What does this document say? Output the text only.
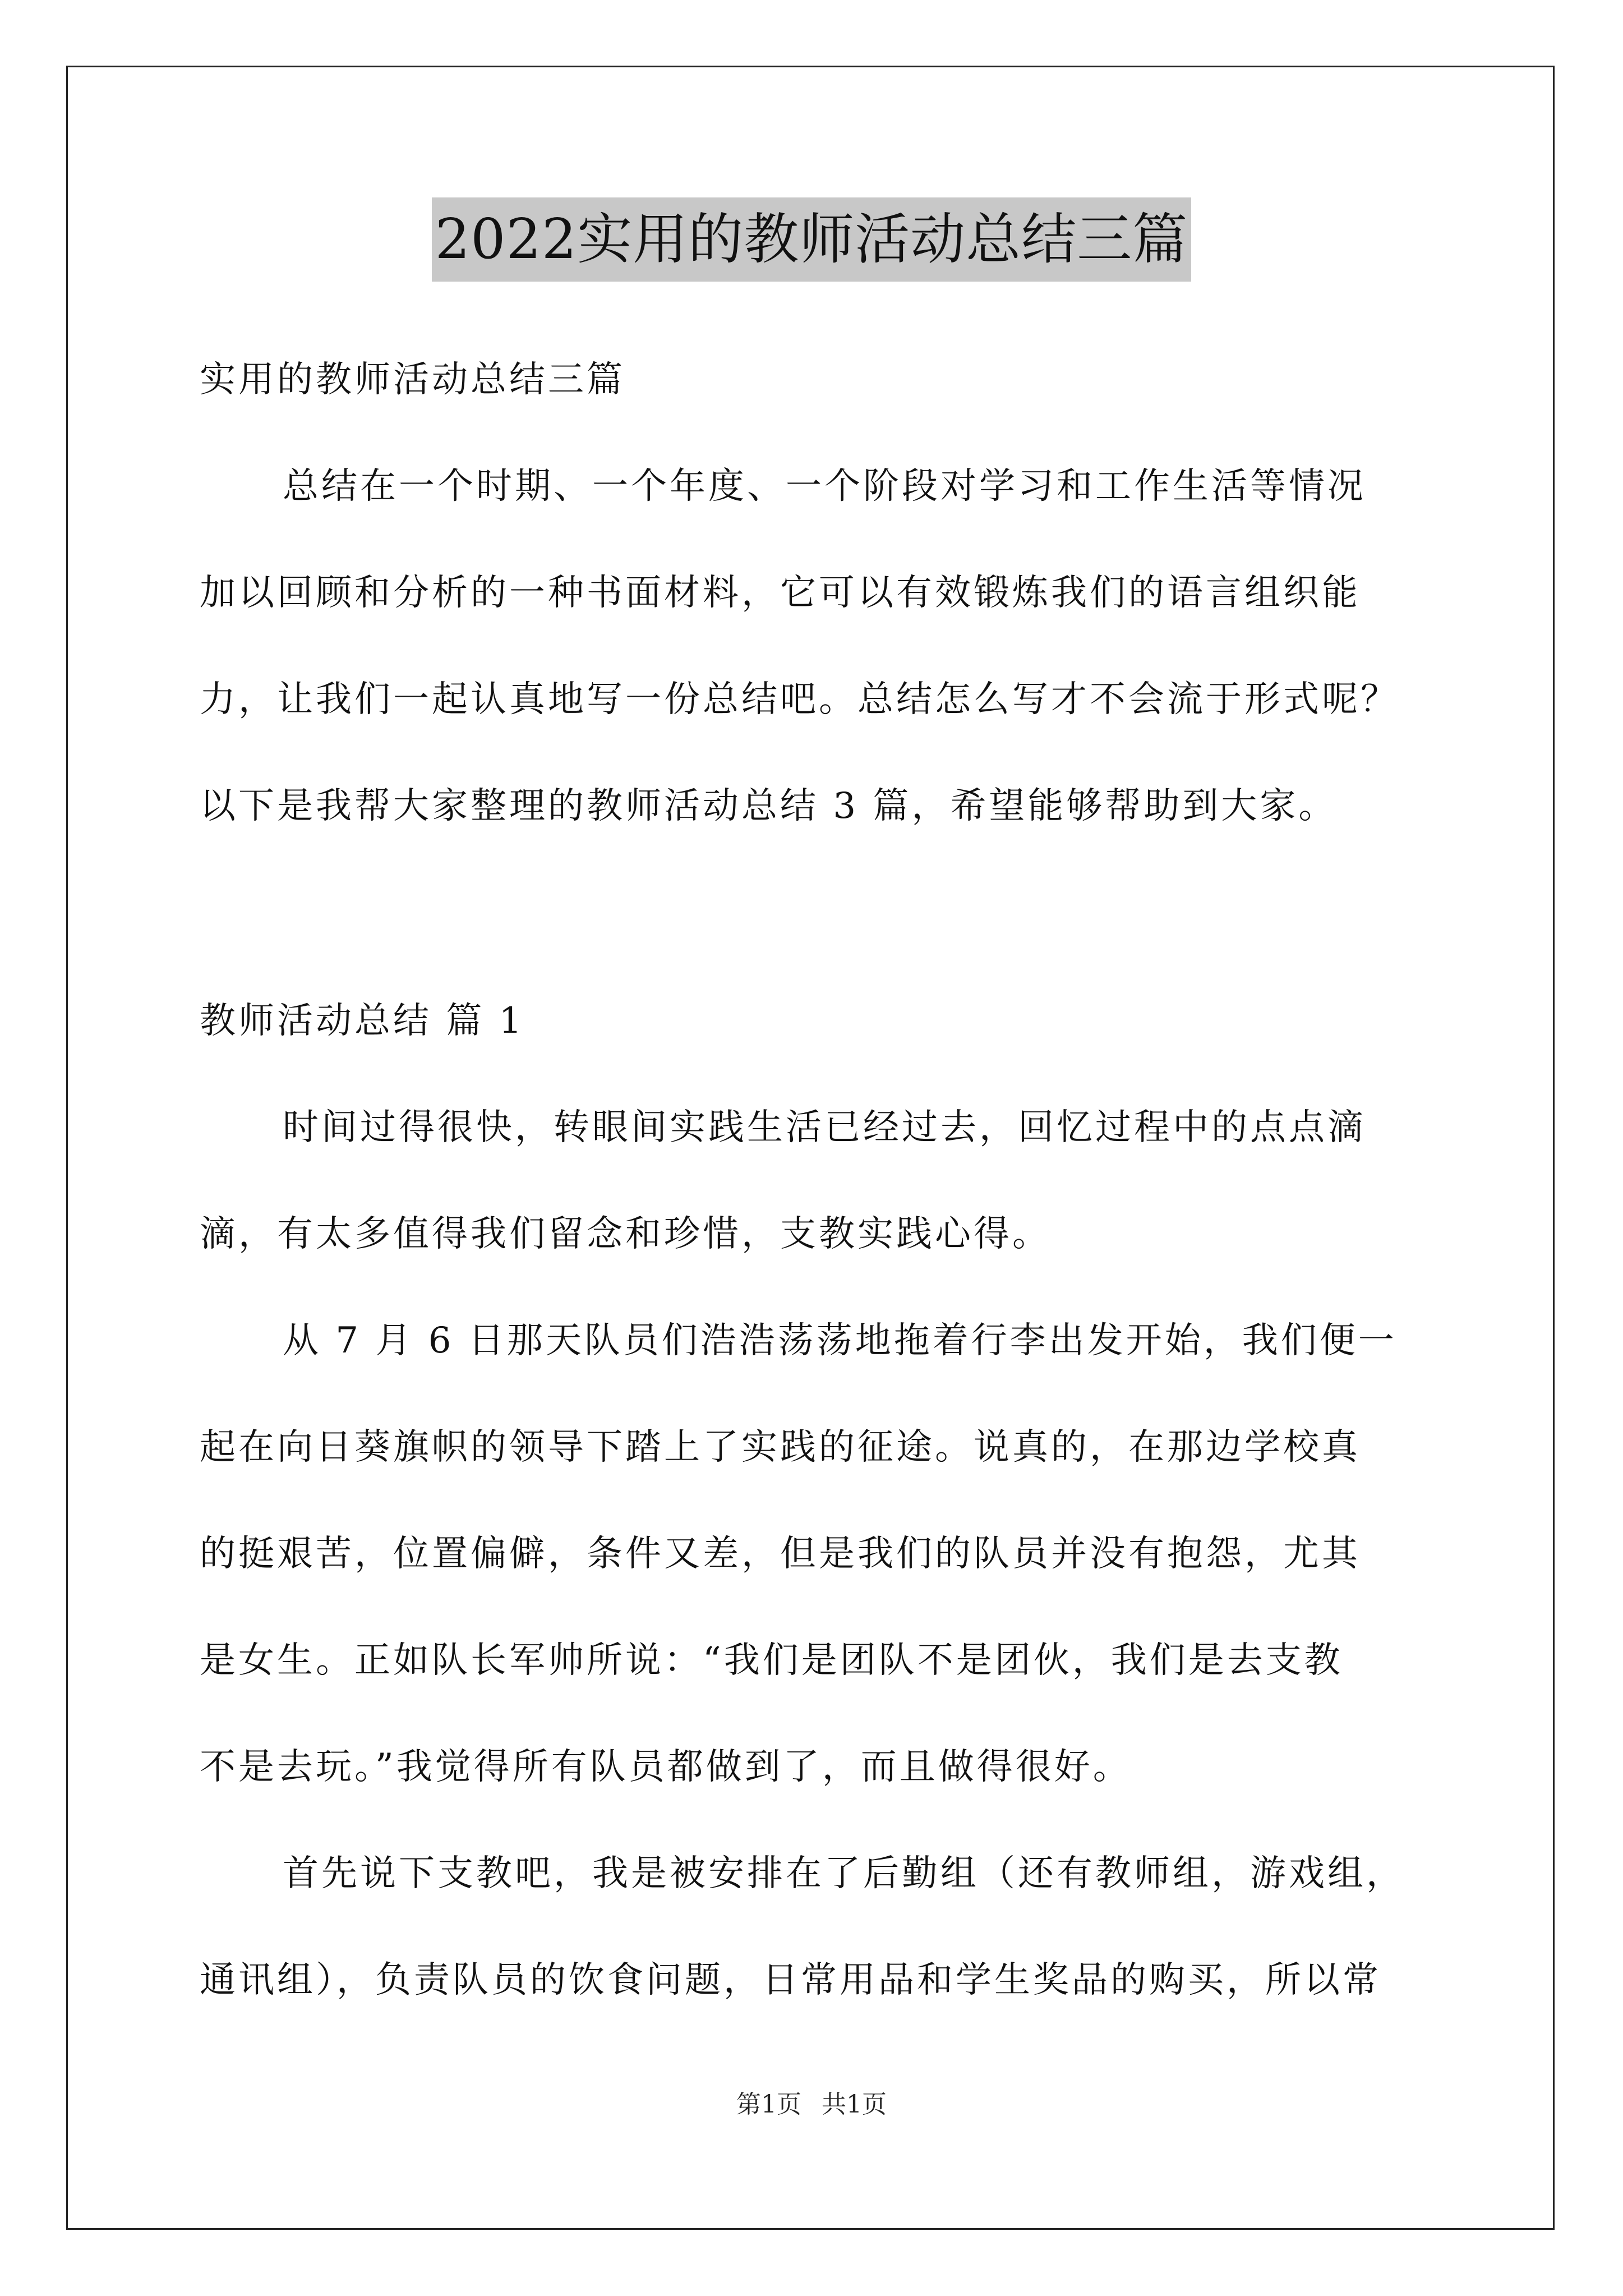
2022实用的教师活动总结三篇
实用的教师活动总结三篇
总结在一个时期、一个年度、一个阶段对学习和工作生活等情况
加以回顾和分析的一种书面材料，它可以有效锻炼我们的语言组织能
力，让我们一起认真地写一份总结吧。总结怎么写才不会流于形式呢？
以下是我帮大家整理的教师活动总结 3 篇，希望能够帮助到大家。
教师活动总结 篇 1
时间过得很快，转眼间实践生活已经过去，回忆过程中的点点滴
滴，有太多值得我们留念和珍惜，支教实践心得。
从 7 月 6 日那天队员们浩浩荡荡地拖着行李出发开始，我们便一
起在向日葵旗帜的领导下踏上了实践的征途。说真的，在那边学校真
的挺艰苦，位置偏僻，条件又差，但是我们的队员并没有抱怨，尤其
是女生。正如队长军帅所说：“我们是团队不是团伙，我们是去支教
不是去玩。”我觉得所有队员都做到了，而且做得很好。
首先说下支教吧，我是被安排在了后勤组（还有教师组，游戏组，
通讯组），负责队员的饮食问题，日常用品和学生奖品的购买，所以常
第1页 共1页
